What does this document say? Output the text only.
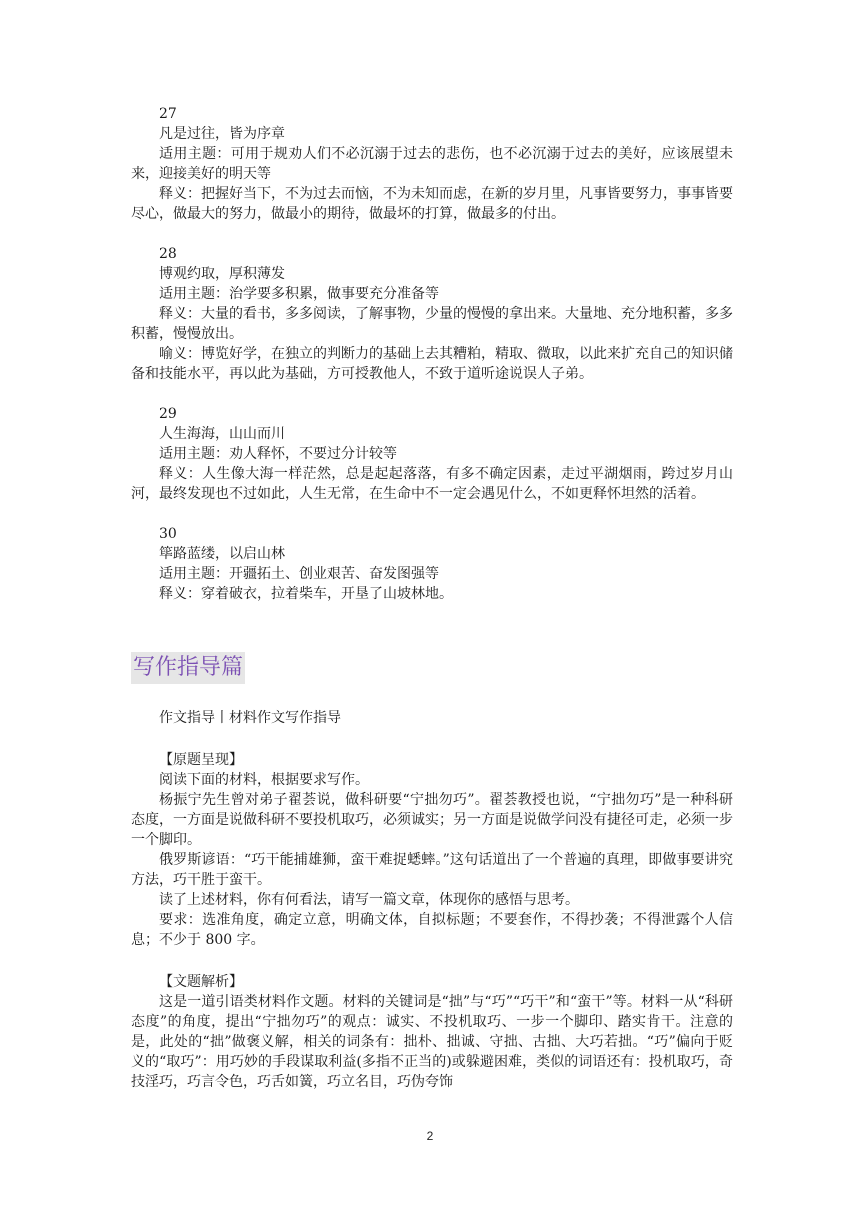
27
凡是过往，皆为序章
适用主题：可用于规劝人们不必沉溺于过去的悲伤，也不必沉溺于过去的美好，应该展望未来，迎接美好的明天等
释义：把握好当下，不为过去而恼，不为未知而虑，在新的岁月里，凡事皆要努力，事事皆要尽心，做最大的努力，做最小的期待，做最坏的打算，做最多的付出。
28
博观约取，厚积薄发
适用主题：治学要多积累，做事要充分准备等
释义：大量的看书，多多阅读，了解事物，少量的慢慢的拿出来。大量地、充分地积蓄，多多积蓄，慢慢放出。
喻义：博览好学，在独立的判断力的基础上去其糟粕，精取、微取，以此来扩充自己的知识储备和技能水平，再以此为基础，方可授教他人，不致于道听途说误人子弟。
29
人生海海，山山而川
适用主题：劝人释怀，不要过分计较等
释义：人生像大海一样茫然，总是起起落落，有多不确定因素，走过平湖烟雨，跨过岁月山河，最终发现也不过如此，人生无常，在生命中不一定会遇见什么，不如更释怀坦然的活着。
30
筚路蓝缕，以启山林
适用主题：开疆拓土、创业艰苦、奋发图强等
释义：穿着破衣，拉着柴车，开垦了山坡林地。
写作指导篇
作文指导丨材料作文写作指导
【原题呈现】
阅读下面的材料，根据要求写作。
杨振宁先生曾对弟子翟荟说，做科研要“宁拙勿巧”。翟荟教授也说，“宁拙勿巧”是一种科研态度，一方面是说做科研不要投机取巧，必须诚实；另一方面是说做学问没有捷径可走，必须一步一个脚印。
俄罗斯谚语：“巧干能捕雄狮，蛮干难捉蟋蟀。”这句话道出了一个普遍的真理，即做事要讲究方法，巧干胜于蛮干。
读了上述材料，你有何看法，请写一篇文章，体现你的感悟与思考。
要求：选准角度，确定立意，明确文体，自拟标题；不要套作，不得抄袭；不得泄露个人信息；不少于 800 字。
【文题解析】
这是一道引语类材料作文题。材料的关键词是“拙”与“巧”“巧干”和“蛮干”等。材料一从“科研态度”的角度，提出“宁拙勿巧”的观点：诚实、不投机取巧、一步一个脚印、踏实肯干。注意的是，此处的“拙”做褒义解，相关的词条有：拙朴、拙诚、守拙、古拙、大巧若拙。“巧”偏向于贬义的“取巧”：用巧妙的手段谋取利益(多指不正当的)或躲避困难，类似的词语还有：投机取巧，奇技淫巧，巧言令色，巧舌如簧，巧立名目，巧伪夸饰
2
